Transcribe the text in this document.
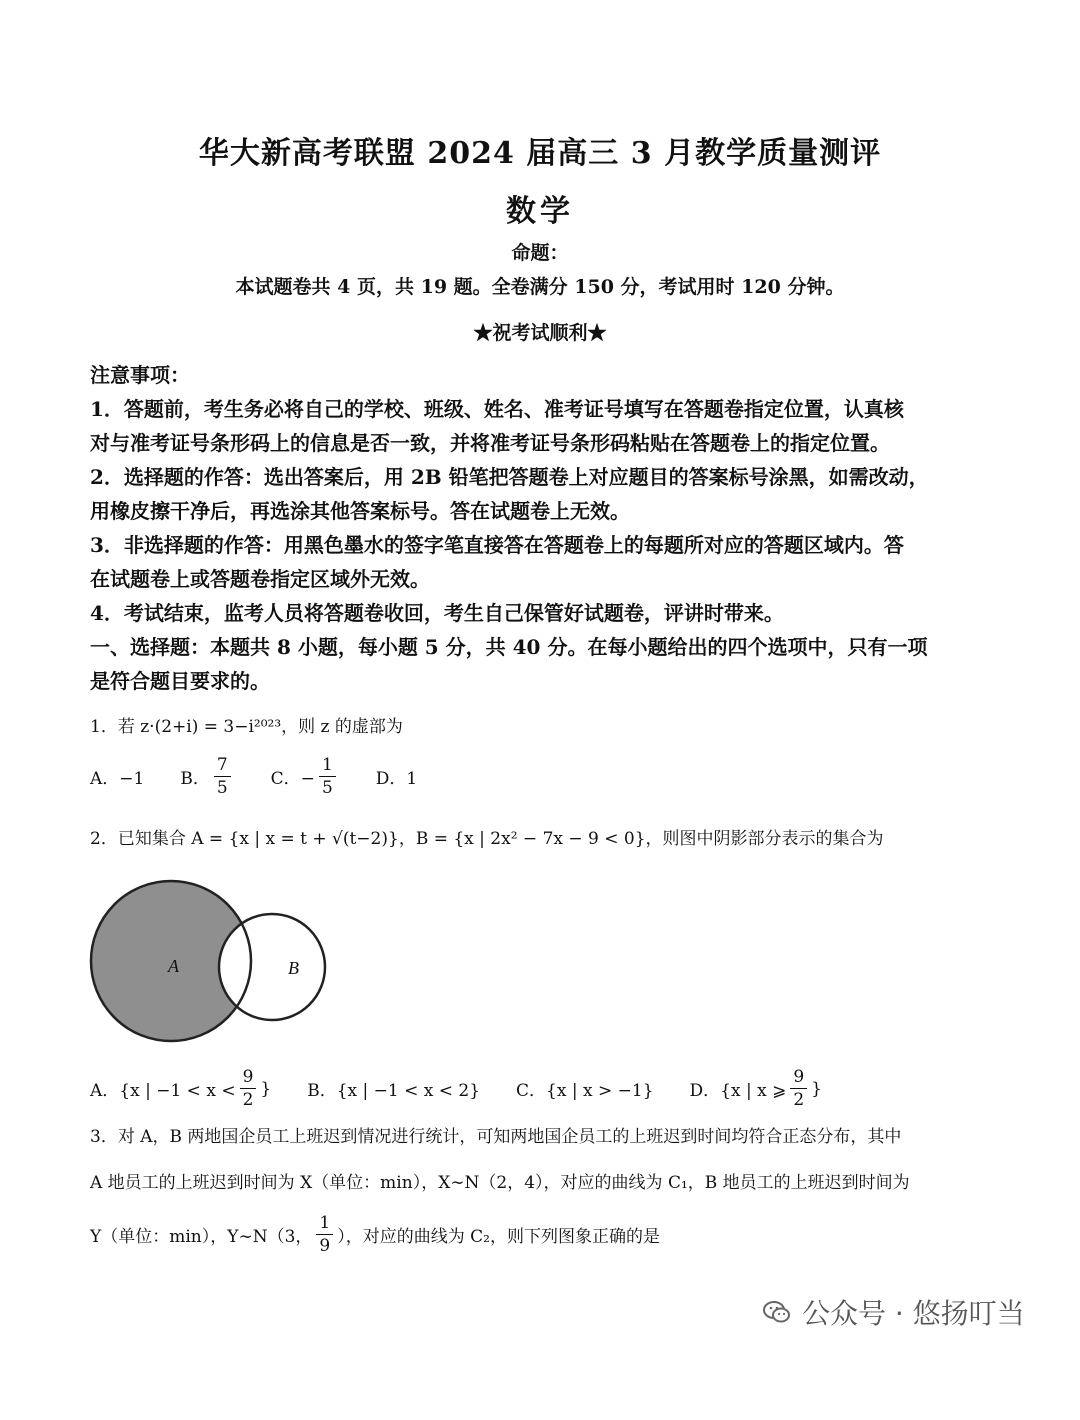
华大新高考联盟 2024 届高三 3 月教学质量测评
数学
命题：
本试题卷共 4 页，共 19 题。全卷满分 150 分，考试用时 120 分钟。
★祝考试顺利★
注意事项：
1．答题前，考生务必将自己的学校、班级、姓名、准考证号填写在答题卷指定位置，认真核
对与准考证号条形码上的信息是否一致，并将准考证号条形码粘贴在答题卷上的指定位置。
2．选择题的作答：选出答案后，用 2B 铅笔把答题卷上对应题目的答案标号涂黑，如需改动，
用橡皮擦干净后，再选涂其他答案标号。答在试题卷上无效。
3．非选择题的作答：用黑色墨水的签字笔直接答在答题卷上的每题所对应的答题区域内。答
在试题卷上或答题卷指定区域外无效。
4．考试结束，监考人员将答题卷收回，考生自己保管好试题卷，评讲时带来。
一、选择题：本题共 8 小题，每小题 5 分，共 40 分。在每小题给出的四个选项中，只有一项
是符合题目要求的。
1．若 z·(2+i) = 3−i²⁰²³，则 z 的虚部为
A．−1 B． $\frac{7}{5}$ C．− $\frac{1}{5}$ D．1
2．已知集合 A = {x | x = t + √(t−2)}，B = {x | 2x² − 7x − 9 < 0}，则图中阴影部分表示的集合为
A	B
A．{x | $-1 < x < \frac{9}{2}$ } B．{x | −1 < x < 2} C．{x | x > −1} D．{x | x ⩾ $\frac{9}{2}$ }
3．对 A，B 两地国企员工上班迟到情况进行统计，可知两地国企员工的上班迟到时间均符合正态分布，其中
A 地员工的上班迟到时间为 X（单位：min），X∼N（2，4），对应的曲线为 C₁，B 地员工的上班迟到时间为
Y（单位：min），Y∼N（3， $\frac{1}{9}$ ），对应的曲线为 C₂，则下列图象正确的是
公众号 · 悠扬叮当
